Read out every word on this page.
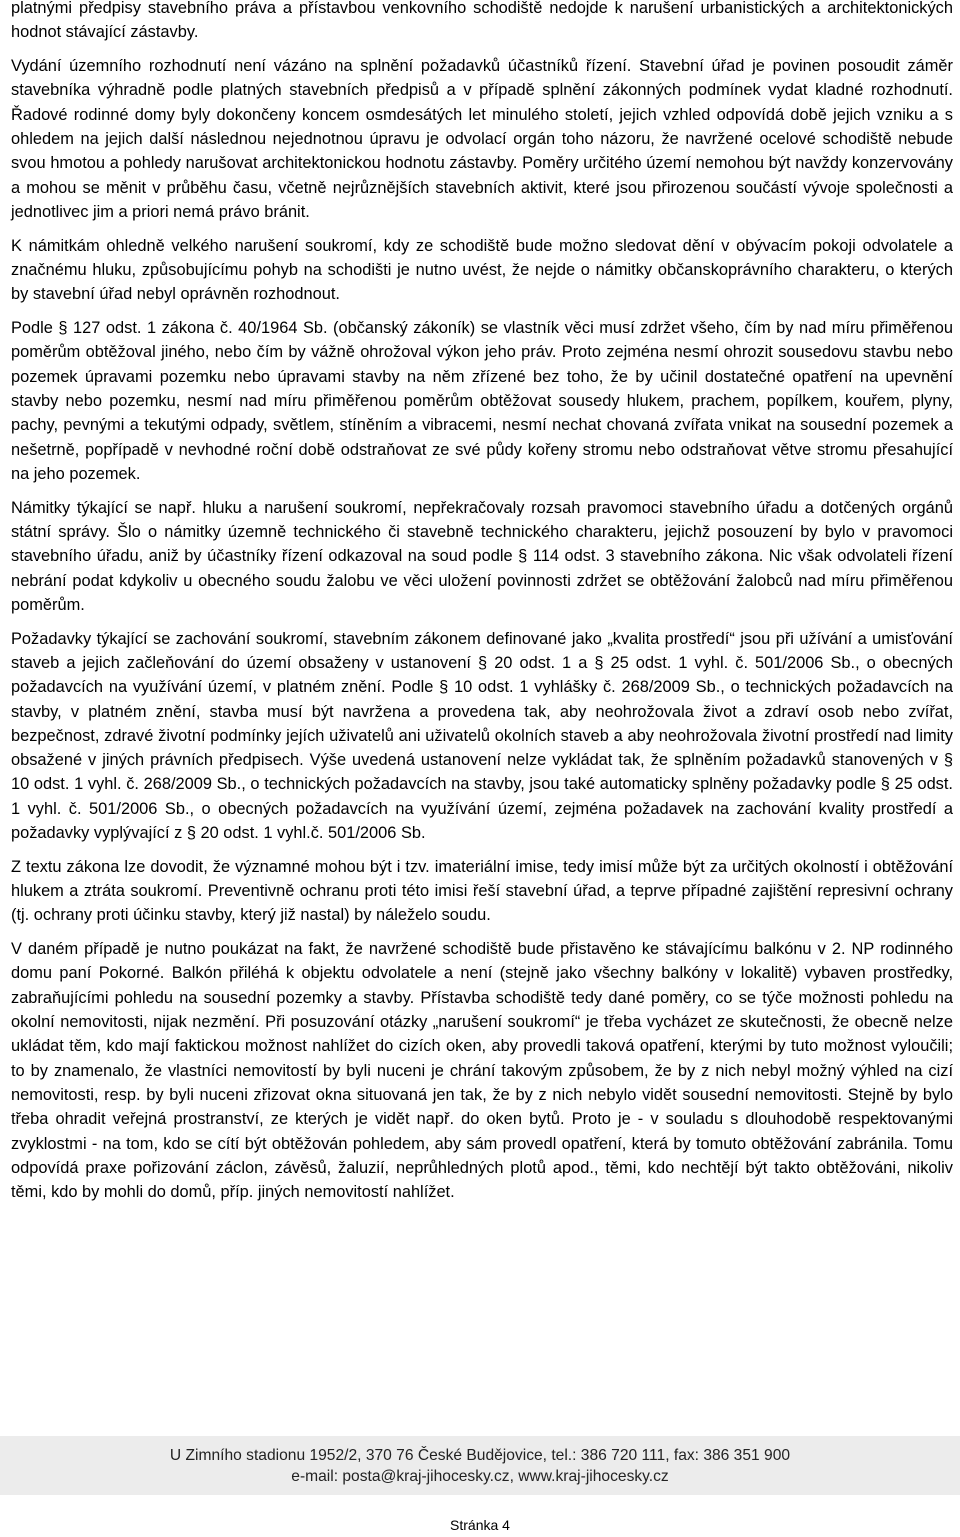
platnými předpisy stavebního práva a přístavbou venkovního schodiště nedojde k narušení urbanistických a architektonických hodnot stávající zástavby.

Vydání územního rozhodnutí není vázáno na splnění požadavků účastníků řízení. Stavební úřad je povinen posoudit záměr stavebníka výhradně podle platných stavebních předpisů a v případě splnění zákonných podmínek vydat kladné rozhodnutí. Řadové rodinné domy byly dokončeny koncem osmdesátých let minulého století, jejich vzhled odpovídá době jejich vzniku a s ohledem na jejich další následnou nejednotnou úpravu je odvolací orgán toho názoru, že navržené ocelové schodiště nebude svou hmotou a pohledy narušovat architektonickou hodnotu zástavby. Poměry určitého území nemohou být navždy konzervovány a mohou se měnit v průběhu času, včetně nejrůznějších stavebních aktivit, které jsou přirozenou součástí vývoje společnosti a jednotlivec jim a priori nemá právo bránit.

K námitkám ohledně velkého narušení soukromí, kdy ze schodiště bude možno sledovat dění v obývacím pokoji odvolatele a značnému hluku, způsobujícímu pohyb na schodišti je nutno uvést, že nejde o námitky občanskoprávního charakteru, o kterých by stavební úřad nebyl oprávněn rozhodnout.

Podle § 127 odst. 1 zákona č. 40/1964 Sb. (občanský zákoník) se vlastník věci musí zdržet všeho, čím by nad míru přiměřenou poměrům obtěžoval jiného, nebo čím by vážně ohrožoval výkon jeho práv. Proto zejména nesmí ohrozit sousedovu stavbu nebo pozemek úpravami pozemku nebo úpravami stavby na něm zřízené bez toho, že by učinil dostatečné opatření na upevnění stavby nebo pozemku, nesmí nad míru přiměřenou poměrům obtěžovat sousedy hlukem, prachem, popílkem, kouřem, plyny, pachy, pevnými a tekutými odpady, světlem, stíněním a vibracemi, nesmí nechat chovaná zvířata vnikat na sousední pozemek a nešetrně, popřípadě v nevhodné roční době odstraňovat ze své půdy kořeny stromu nebo odstraňovat větve stromu přesahující na jeho pozemek.

Námitky týkající se např. hluku a narušení soukromí, nepřekračovaly rozsah pravomoci stavebního úřadu a dotčených orgánů státní správy. Šlo o námitky územně technického či stavebně technického charakteru, jejichž posouzení by bylo v pravomoci stavebního úřadu, aniž by účastníky řízení odkazoval na soud podle § 114 odst. 3 stavebního zákona. Nic však odvolateli řízení nebrání podat kdykoliv u obecného soudu žalobu ve věci uložení povinnosti zdržet se obtěžování žalobců nad míru přiměřenou poměrům.

Požadavky týkající se zachování soukromí, stavebním zákonem definované jako „kvalita prostředí“ jsou při užívání a umisťování staveb a jejich začleňování do území obsaženy v ustanovení § 20 odst. 1 a § 25 odst. 1 vyhl. č. 501/2006 Sb., o obecných požadavcích na využívání území, v platném znění. Podle § 10 odst. 1 vyhlášky č. 268/2009 Sb., o technických požadavcích na stavby, v platném znění, stavba musí být navržena a provedena tak, aby neohrožovala život a zdraví osob nebo zvířat, bezpečnost, zdravé životní podmínky jejích uživatelů ani uživatelů okolních staveb a aby neohrožovala životní prostředí nad limity obsažené v jiných právních předpisech. Výše uvedená ustanovení nelze vykládat tak, že splněním požadavků stanovených v § 10 odst. 1 vyhl. č. 268/2009 Sb., o technických požadavcích na stavby, jsou také automaticky splněny požadavky podle § 25 odst. 1 vyhl. č. 501/2006 Sb., o obecných požadavcích na využívání území, zejména požadavek na zachování kvality prostředí a požadavky vyplývající z § 20 odst. 1 vyhl.č. 501/2006 Sb.

Z textu zákona lze dovodit, že významné mohou být i tzv. imateriální imise, tedy imisí může být za určitých okolností i obtěžování hlukem a ztráta soukromí. Preventivně ochranu proti této imisi řeší stavební úřad, a teprve případné zajištění represivní ochrany (tj. ochrany proti účinku stavby, který již nastal) by náleželo soudu.

V daném případě je nutno poukázat na fakt, že navržené schodiště bude přistavěno ke stávajícímu balkónu v 2. NP rodinného domu paní Pokorné. Balkón přiléhá k objektu odvolatele a není (stejně jako všechny balkóny v lokalitě) vybaven prostředky, zabraňujícími pohledu na sousední pozemky a stavby. Přístavba schodiště tedy dané poměry, co se týče možnosti pohledu na okolní nemovitosti, nijak nezmění. Při posuzování otázky „narušení soukromí“ je třeba vycházet ze skutečnosti, že obecně nelze ukládat těm, kdo mají faktickou možnost nahlížet do cizích oken, aby provedli taková opatření, kterými by tuto možnost vyloučili; to by znamenalo, že vlastníci nemovitostí by byli nuceni je chrání takovým způsobem, že by z nich nebyl možný výhled na cizí nemovitosti, resp. by byli nuceni zřizovat okna situovaná jen tak, že by z nich nebylo vidět sousední nemovitosti. Stejně by bylo třeba ohradit veřejná prostranství, ze kterých je vidět např. do oken bytů. Proto je - v souladu s dlouhodobě respektovanými zvyklostmi - na tom, kdo se cítí být obtěžován pohledem, aby sám provedl opatření, která by tomuto obtěžování zabránila. Tomu odpovídá praxe pořizování záclon, závěsů, žaluzií, neprůhledných plotů apod., těmi, kdo nechtějí být takto obtěžováni, nikoliv těmi, kdo by mohli do domů, příp. jiných nemovitostí nahlížet.

U Zimního stadionu 1952/2, 370 76 České Budějovice, tel.: 386 720 111, fax: 386 351 900
e-mail: posta@kraj-jihocesky.cz, www.kraj-jihocesky.cz
Stránka 4
